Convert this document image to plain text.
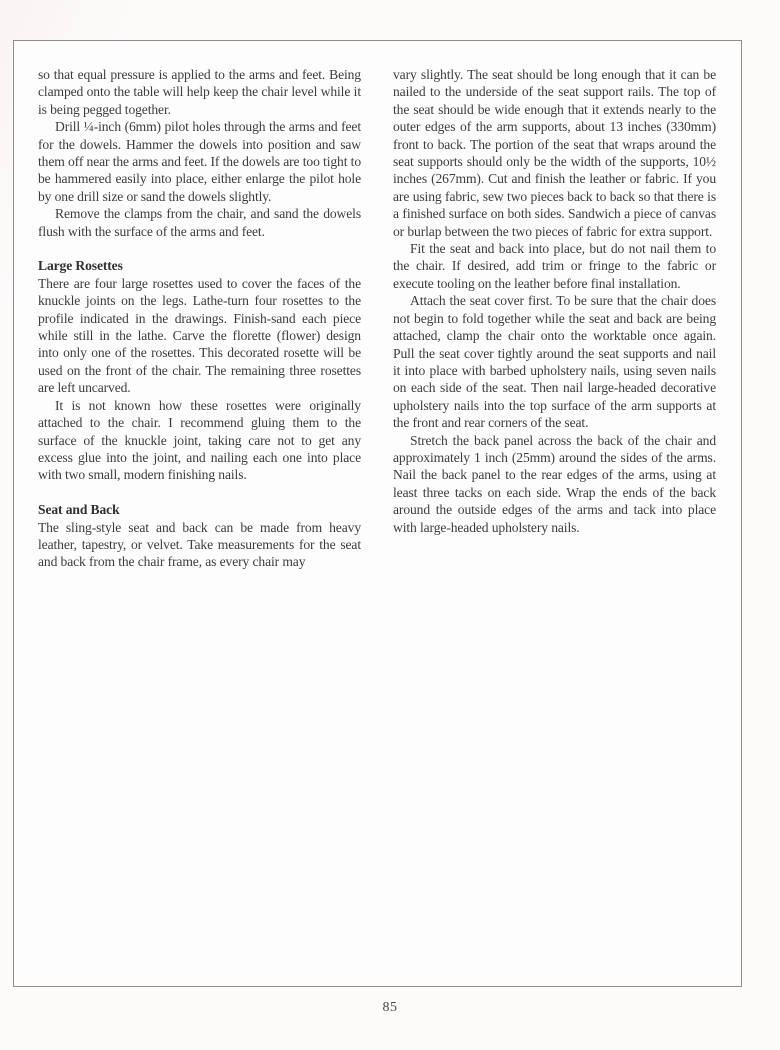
so that equal pressure is applied to the arms and feet. Being clamped onto the table will help keep the chair level while it is being pegged together.

Drill ¼-inch (6mm) pilot holes through the arms and feet for the dowels. Hammer the dowels into position and saw them off near the arms and feet. If the dowels are too tight to be hammered easily into place, either enlarge the pilot hole by one drill size or sand the dowels slightly.

Remove the clamps from the chair, and sand the dowels flush with the surface of the arms and feet.

Large Rosettes

There are four large rosettes used to cover the faces of the knuckle joints on the legs. Lathe-turn four rosettes to the profile indicated in the drawings. Finish-sand each piece while still in the lathe. Carve the florette (flower) design into only one of the rosettes. This decorated rosette will be used on the front of the chair. The remaining three rosettes are left uncarved.

It is not known how these rosettes were originally attached to the chair. I recommend gluing them to the surface of the knuckle joint, taking care not to get any excess glue into the joint, and nailing each one into place with two small, modern finishing nails.

Seat and Back

The sling-style seat and back can be made from heavy leather, tapestry, or velvet. Take measurements for the seat and back from the chair frame, as every chair may

vary slightly. The seat should be long enough that it can be nailed to the underside of the seat support rails. The top of the seat should be wide enough that it extends nearly to the outer edges of the arm supports, about 13 inches (330mm) front to back. The portion of the seat that wraps around the seat supports should only be the width of the supports, 10½ inches (267mm). Cut and finish the leather or fabric. If you are using fabric, sew two pieces back to back so that there is a finished surface on both sides. Sandwich a piece of canvas or burlap between the two pieces of fabric for extra support.

Fit the seat and back into place, but do not nail them to the chair. If desired, add trim or fringe to the fabric or execute tooling on the leather before final installation.

Attach the seat cover first. To be sure that the chair does not begin to fold together while the seat and back are being attached, clamp the chair onto the worktable once again. Pull the seat cover tightly around the seat supports and nail it into place with barbed upholstery nails, using seven nails on each side of the seat. Then nail large-headed decorative upholstery nails into the top surface of the arm supports at the front and rear corners of the seat.

Stretch the back panel across the back of the chair and approximately 1 inch (25mm) around the sides of the arms. Nail the back panel to the rear edges of the arms, using at least three tacks on each side. Wrap the ends of the back around the outside edges of the arms and tack into place with large-headed upholstery nails.

85
